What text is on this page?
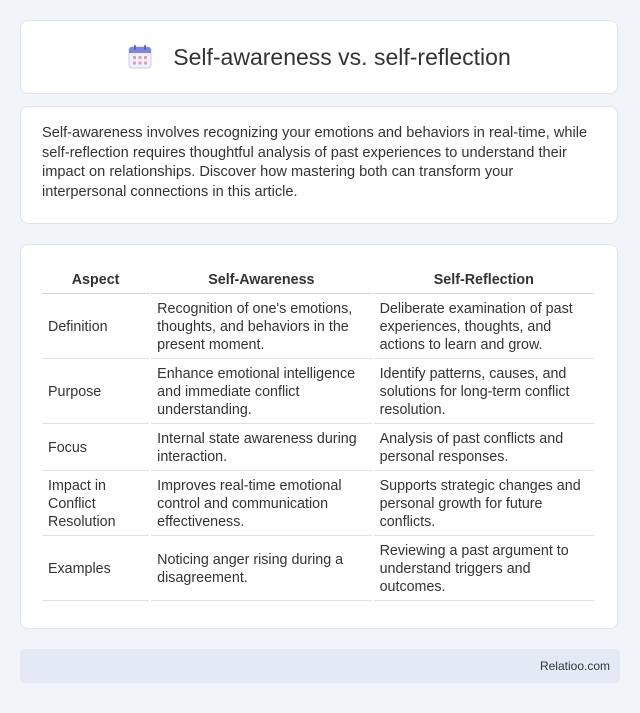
Self-awareness vs. self-reflection

Self-awareness involves recognizing your emotions and behaviors in real-time, while self-reflection requires thoughtful analysis of past experiences to understand their impact on relationships. Discover how mastering both can transform your interpersonal connections in this article.

Aspect	Self-Awareness	Self-Reflection
Definition	Recognition of one's emotions, thoughts, and behaviors in the present moment.	Deliberate examination of past experiences, thoughts, and actions to learn and grow.
Purpose	Enhance emotional intelligence and immediate conflict understanding.	Identify patterns, causes, and solutions for long-term conflict resolution.
Focus	Internal state awareness during interaction.	Analysis of past conflicts and personal responses.
Impact in Conflict Resolution	Improves real-time emotional control and communication effectiveness.	Supports strategic changes and personal growth for future conflicts.
Examples	Noticing anger rising during a disagreement.	Reviewing a past argument to understand triggers and outcomes.
Relatioo.com
